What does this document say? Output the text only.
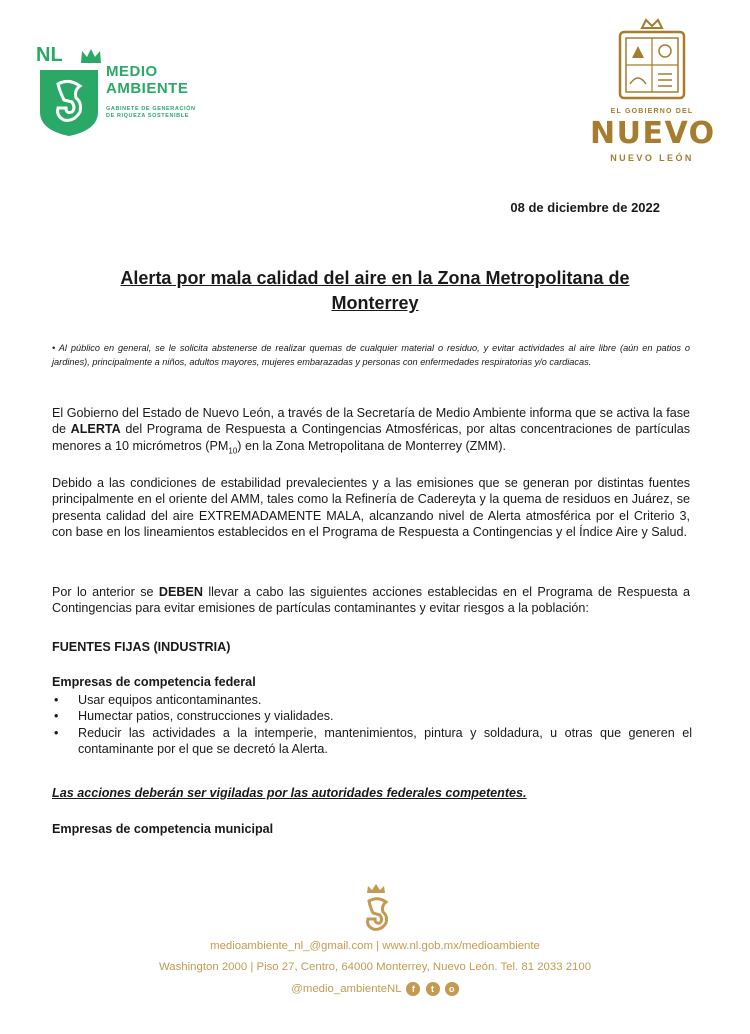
NL
MEDIO
AMBIENTE
GABINETE DE GENERACIÓN
DE RIQUEZA SOSTENIBLE
EL GOBIERNO DEL
NUEVO
NUEVO LEÓN
08 de diciembre de 2022
Alerta por mala calidad del aire en la Zona Metropolitana de
Monterrey
• Al público en general, se le solicita abstenerse de realizar quemas de cualquier material o residuo, y evitar actividades al aire libre (aún en patios o jardines), principalmente a niños, adultos mayores, mujeres embarazadas y personas con enfermedades respiratorias y/o cardiacas.
El Gobierno del Estado de Nuevo León, a través de la Secretaría de Medio Ambiente informa que se activa la fase de ALERTA del Programa de Respuesta a Contingencias Atmosféricas, por altas concentraciones de partículas menores a 10 micrómetros $(PM_{10})$ en la Zona Metropolitana de Monterrey (ZMM).
Debido a las condiciones de estabilidad prevalecientes y a las emisiones que se generan por distintas fuentes principalmente en el oriente del AMM, tales como la Refinería de Cadereyta y la quema de residuos en Juárez, se presenta calidad del aire EXTREMADAMENTE MALA, alcanzando nivel de Alerta atmosférica por el Criterio 3, con base en los lineamientos establecidos en el Programa de Respuesta a Contingencias y el Índice Aire y Salud.
Por lo anterior se DEBEN llevar a cabo las siguientes acciones establecidas en el Programa de Respuesta a Contingencias para evitar emisiones de partículas contaminantes y evitar riesgos a la población:
FUENTES FIJAS (INDUSTRIA)
Empresas de competencia federal
• Usar equipos anticontaminantes.
• Humectar patios, construcciones y vialidades.
• Reducir las actividades a la intemperie, mantenimientos, pintura y soldadura, u otras que generen el contaminante por el que se decretó la Alerta.
Las acciones deberán ser vigiladas por las autoridades federales competentes.
Empresas de competencia municipal
medioambiente_nl_@gmail.com | www.nl.gob.mx/medioambiente
Washington 2000 | Piso 27, Centro, 64000 Monterrey, Nuevo León. Tel. 81 2033 2100
@medio_ambienteNL f t o
